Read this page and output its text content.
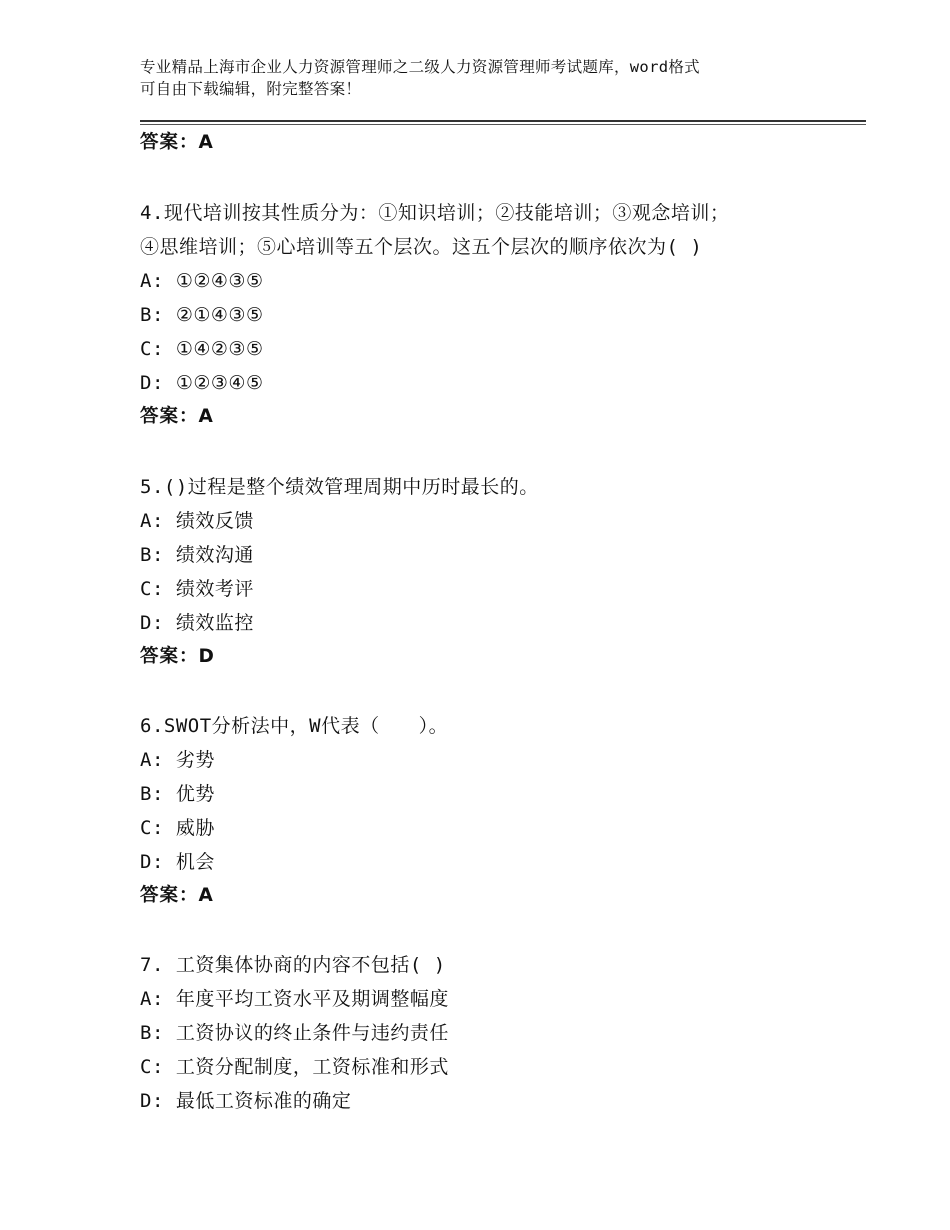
专业精品上海市企业人力资源管理师之二级人力资源管理师考试题库，word格式
可自由下载编辑，附完整答案！
答案：A
4.现代培训按其性质分为：①知识培训；②技能培训；③观念培训；
④思维培训；⑤心培训等五个层次。这五个层次的顺序依次为( )
A: ①②④③⑤
B: ②①④③⑤
C: ①④②③⑤
D: ①②③④⑤
答案：A
5.()过程是整个绩效管理周期中历时最长的。
A: 绩效反馈
B: 绩效沟通
C: 绩效考评
D: 绩效监控
答案：D
6.SWOT分析法中，W代表（　　）。
A: 劣势
B: 优势
C: 威胁
D: 机会
答案：A
7. 工资集体协商的内容不包括( )
A: 年度平均工资水平及期调整幅度
B: 工资协议的终止条件与违约责任
C: 工资分配制度，工资标准和形式
D: 最低工资标准的确定
